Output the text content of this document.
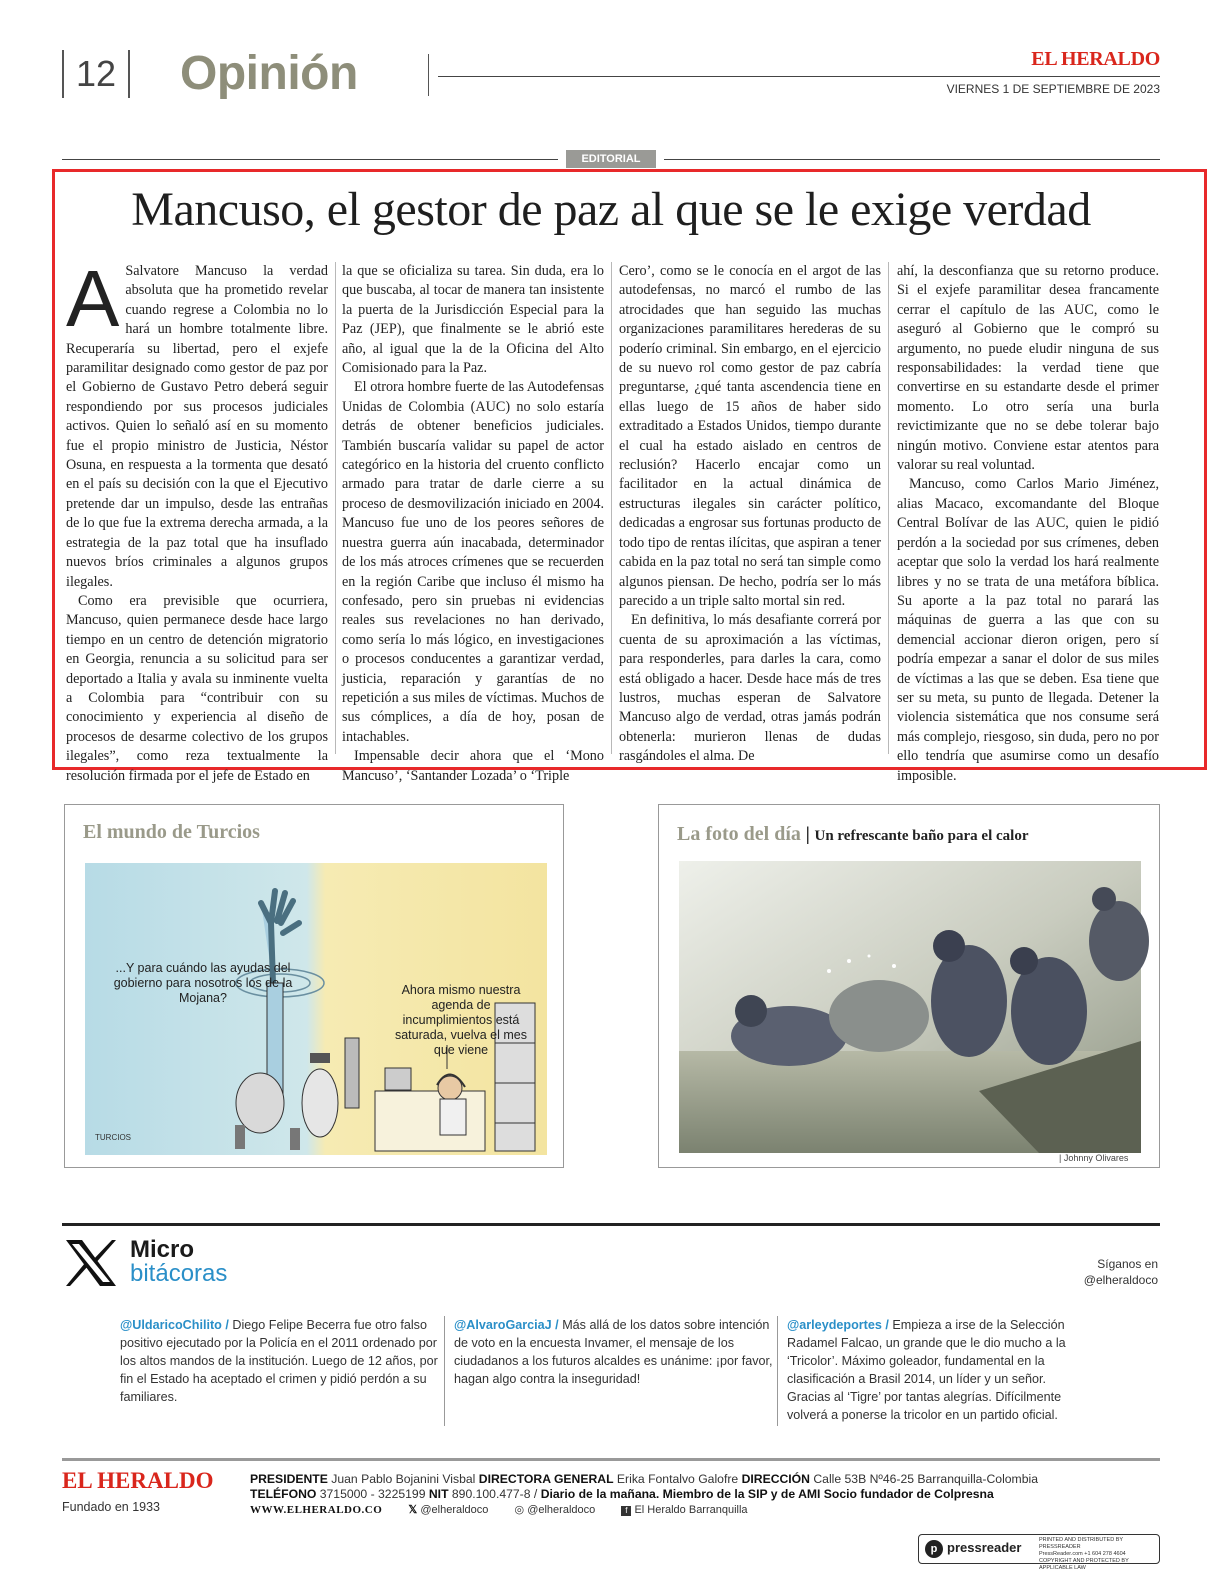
12 Opinión	EL HERALDO
VIERNES 1 DE SEPTIEMBRE DE 2023
EDITORIAL
Mancuso, el gestor de paz al que se le exige verdad

A Salvatore Mancuso la verdad absoluta que ha prometido revelar cuando regrese a Colombia no lo hará un hombre totalmente libre. Recuperaría su libertad, pero el exjefe paramilitar designado como gestor de paz por el Gobierno de Gustavo Petro deberá seguir respondiendo por sus procesos judiciales activos. Quien lo señaló así en su momento fue el propio ministro de Justicia, Néstor Osuna, en respuesta a la tormenta que desató en el país su decisión con la que el Ejecutivo pretende dar un impulso, desde las entrañas de lo que fue la extrema derecha armada, a la estrategia de la paz total que ha insuflado nuevos bríos criminales a algunos grupos ilegales.

Como era previsible que ocurriera, Mancuso, quien permanece desde hace largo tiempo en un centro de detención migratorio en Georgia, renuncia a su solicitud para ser deportado a Italia y avala su inminente vuelta a Colombia para “contribuir con su conocimiento y experiencia al diseño de procesos de desarme colectivo de los grupos ilegales”, como reza textualmente la resolución firmada por el jefe de Estado en

la que se oficializa su tarea. Sin duda, era lo que buscaba, al tocar de manera tan insistente la puerta de la Jurisdicción Especial para la Paz (JEP), que finalmente se le abrió este año, al igual que la de la Oficina del Alto Comisionado para la Paz.

El otrora hombre fuerte de las Autodefensas Unidas de Colombia (AUC) no solo estaría detrás de obtener beneficios judiciales. También buscaría validar su papel de actor categórico en la historia del cruento conflicto armado para tratar de darle cierre a su proceso de desmovilización iniciado en 2004. Mancuso fue uno de los peores señores de nuestra guerra aún inacabada, determinador de los más atroces crímenes que se recuerden en la región Caribe que incluso él mismo ha confesado, pero sin pruebas ni evidencias reales sus revelaciones no han derivado, como sería lo más lógico, en investigaciones o procesos conducentes a garantizar verdad, justicia, reparación y garantías de no repetición a sus miles de víctimas. Muchos de sus cómplices, a día de hoy, posan de intachables.

Impensable decir ahora que el ‘Mono Mancuso’, ‘Santander Lozada’ o ‘Triple

Cero’, como se le conocía en el argot de las autodefensas, no marcó el rumbo de las atrocidades que han seguido las muchas organizaciones paramilitares herederas de su poderío criminal. Sin embargo, en el ejercicio de su nuevo rol como gestor de paz cabría preguntarse, ¿qué tanta ascendencia tiene en ellas luego de 15 años de haber sido extraditado a Estados Unidos, tiempo durante el cual ha estado aislado en centros de reclusión? Hacerlo encajar como un facilitador en la actual dinámica de estructuras ilegales sin carácter político, dedicadas a engrosar sus fortunas producto de todo tipo de rentas ilícitas, que aspiran a tener cabida en la paz total no será tan simple como algunos piensan. De hecho, podría ser lo más parecido a un triple salto mortal sin red.

En definitiva, lo más desafiante correrá por cuenta de su aproximación a las víctimas, para responderles, para darles la cara, como está obligado a hacer. Desde hace más de tres lustros, muchas esperan de Salvatore Mancuso algo de verdad, otras jamás podrán obtenerla: murieron llenas de dudas rasgándoles el alma. De

ahí, la desconfianza que su retorno produce. Si el exjefe paramilitar desea francamente cerrar el capítulo de las AUC, como le aseguró al Gobierno que le compró su argumento, no puede eludir ninguna de sus responsabilidades: la verdad tiene que convertirse en su estandarte desde el primer momento. Lo otro sería una burla revictimizante que no se debe tolerar bajo ningún motivo. Conviene estar atentos para valorar su real voluntad.

Mancuso, como Carlos Mario Jiménez, alias Macaco, excomandante del Bloque Central Bolívar de las AUC, quien le pidió perdón a la sociedad por sus crímenes, deben aceptar que solo la verdad los hará realmente libres y no se trata de una metáfora bíblica. Su aporte a la paz total no parará las máquinas de guerra a las que con su demencial accionar dieron origen, pero sí podría empezar a sanar el dolor de sus miles de víctimas a las que se deben. Esa tiene que ser su meta, su punto de llegada. Detener la violencia sistemática que nos consume será más complejo, riesgoso, sin duda, pero no por ello tendría que asumirse como un desafío imposible.

El mundo de Turcios
...Y para cuándo las ayudas del gobierno para nosotros los de la Mojana?
Ahora mismo nuestra agenda de incumplimientos está saturada, vuelva el mes que viene
TURCIOS
La foto del día | Un refrescante baño para el calor
| Johnny Olivares
Micro
bitácoras	Síganos en
@elheraldoco
@UldaricoChilito / Diego Felipe Becerra fue otro falso positivo ejecutado por la Policía en el 2011 ordenado por los altos mandos de la institución. Luego de 12 años, por fin el Estado ha aceptado el crimen y pidió perdón a su familiares.
@AlvaroGarciaJ / Más allá de los datos sobre intención de voto en la encuesta Invamer, el mensaje de los ciudadanos a los futuros alcaldes es unánime: ¡por favor, hagan algo contra la inseguridad!
@arleydeportes / Empieza a irse de la Selección Radamel Falcao, un grande que le dio mucho a la ‘Tricolor’. Máximo goleador, fundamental en la clasificación a Brasil 2014, un líder y un señor. Gracias al ‘Tigre’ por tantas alegrías. Difícilmente volverá a ponerse la tricolor en un partido oficial.
EL HERALDO
Fundado en 1933
PRESIDENTE Juan Pablo Bojanini Visbal DIRECTORA GENERAL Erika Fontalvo Galofre DIRECCIÓN Calle 53B Nº46-25 Barranquilla-Colombia
TELÉFONO 3715000 - 3225199 NIT 890.100.477-8 / Diario de la mañana. Miembro de la SIP y de AMI Socio fundador de Colpresna
WWW.ELHERALDO.CO 𝕏 @elheraldoco ◎ @elheraldoco	f El Heraldo Barranquilla
p pressreader	PRINTED AND DISTRIBUTED BY PRESSREADER
PressReader.com +1 604 278 4604
COPYRIGHT AND PROTECTED BY APPLICABLE LAW
